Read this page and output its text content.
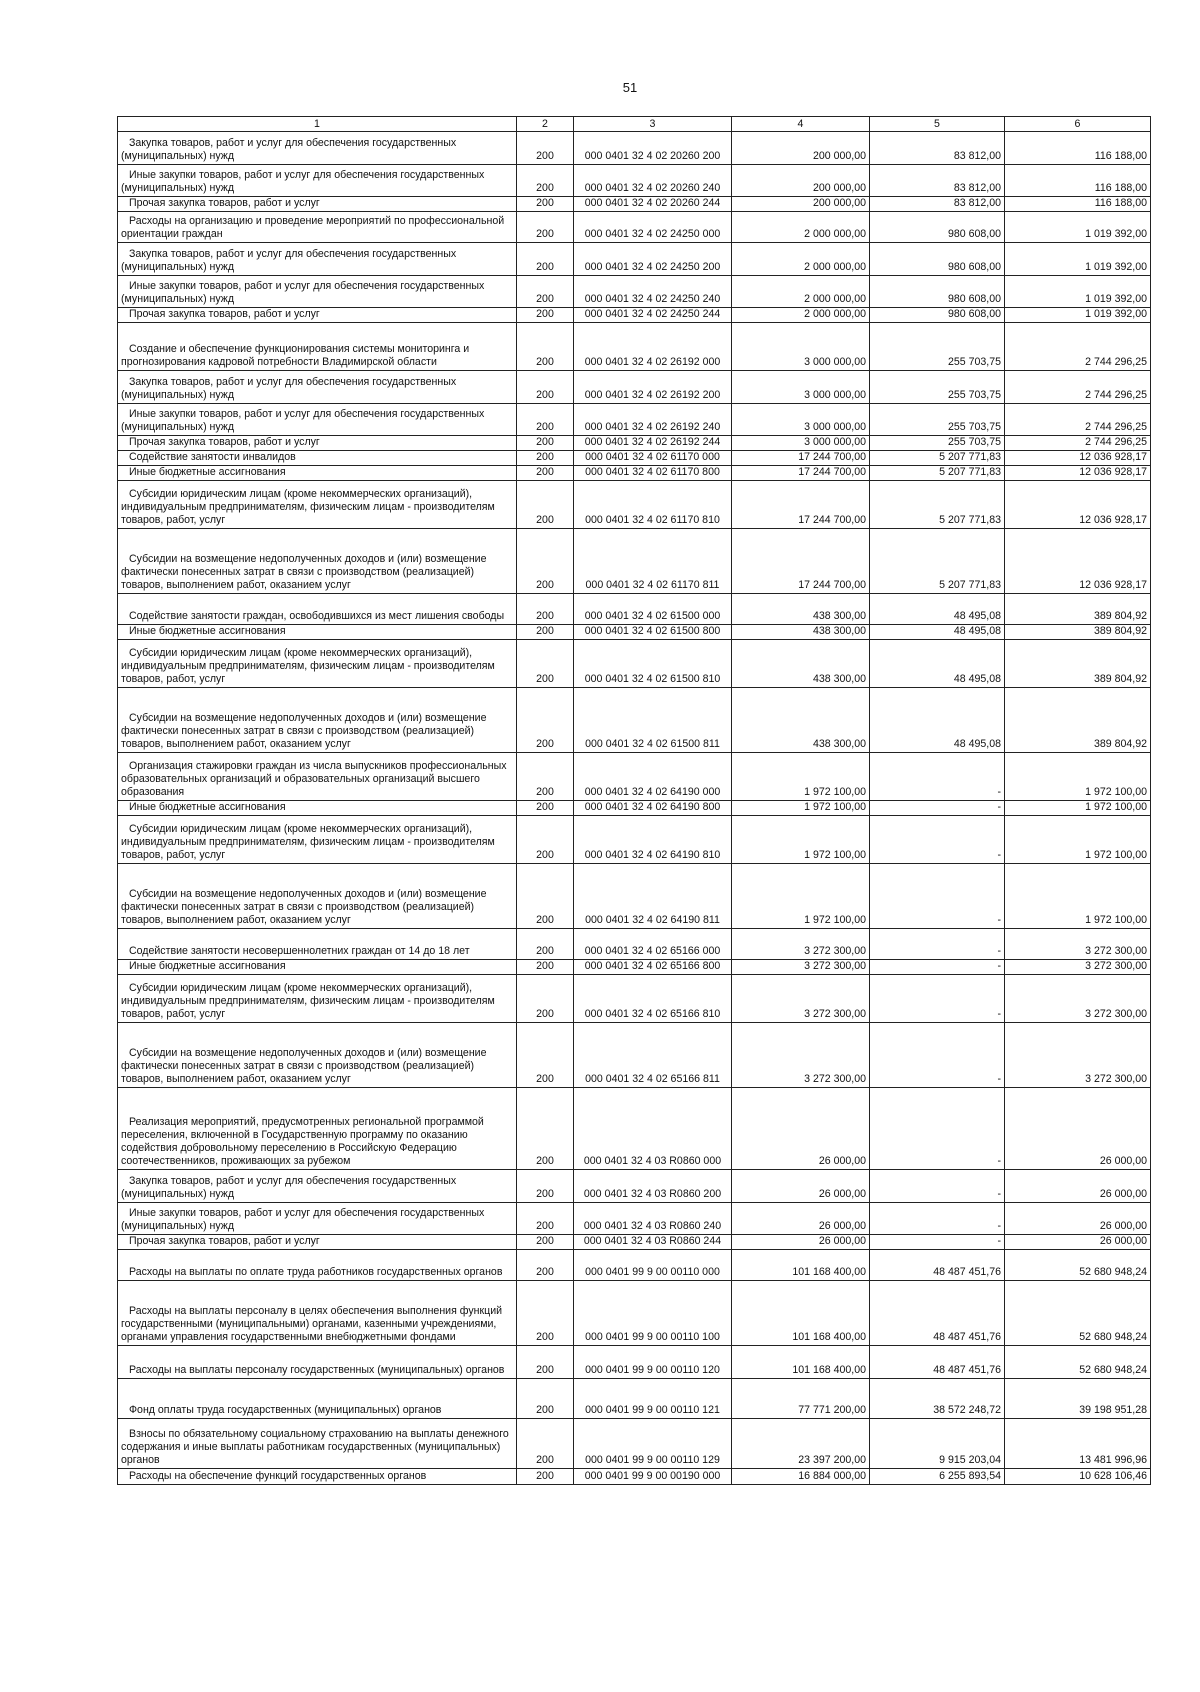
51
1	2	3	4	5	6

Закупка товаров, работ и услуг для обеспечения государственных (муниципальных) нужд	200	000 0401 32 4 02 20260 200	200 000,00	83 812,00	116 188,00

Иные закупки товаров, работ и услуг для обеспечения государственных (муниципальных) нужд	200	000 0401 32 4 02 20260 240	200 000,00	83 812,00	116 188,00

Прочая закупка товаров, работ и услуг	200	000 0401 32 4 02 20260 244	200 000,00	83 812,00	116 188,00

Расходы на организацию и проведение мероприятий по профессиональной ориентации граждан	200	000 0401 32 4 02 24250 000	2 000 000,00	980 608,00	1 019 392,00

Закупка товаров, работ и услуг для обеспечения государственных (муниципальных) нужд	200	000 0401 32 4 02 24250 200	2 000 000,00	980 608,00	1 019 392,00

Иные закупки товаров, работ и услуг для обеспечения государственных (муниципальных) нужд	200	000 0401 32 4 02 24250 240	2 000 000,00	980 608,00	1 019 392,00

Прочая закупка товаров, работ и услуг	200	000 0401 32 4 02 24250 244	2 000 000,00	980 608,00	1 019 392,00

Создание и обеспечение функционирования системы мониторинга и прогнозирования кадровой потребности Владимирской области	200	000 0401 32 4 02 26192 000	3 000 000,00	255 703,75	2 744 296,25

Закупка товаров, работ и услуг для обеспечения государственных (муниципальных) нужд	200	000 0401 32 4 02 26192 200	3 000 000,00	255 703,75	2 744 296,25

Иные закупки товаров, работ и услуг для обеспечения государственных (муниципальных) нужд	200	000 0401 32 4 02 26192 240	3 000 000,00	255 703,75	2 744 296,25

Прочая закупка товаров, работ и услуг	200	000 0401 32 4 02 26192 244	3 000 000,00	255 703,75	2 744 296,25

Содействие занятости инвалидов	200	000 0401 32 4 02 61170 000	17 244 700,00	5 207 771,83	12 036 928,17

Иные бюджетные ассигнования	200	000 0401 32 4 02 61170 800	17 244 700,00	5 207 771,83	12 036 928,17

Субсидии юридическим лицам (кроме некоммерческих организаций), индивидуальным предпринимателям, физическим лицам - производителям товаров, работ, услуг	200	000 0401 32 4 02 61170 810	17 244 700,00	5 207 771,83	12 036 928,17

Субсидии на возмещение недополученных доходов и (или) возмещение фактически понесенных затрат в связи с производством (реализацией) товаров, выполнением работ, оказанием услуг	200	000 0401 32 4 02 61170 811	17 244 700,00	5 207 771,83	12 036 928,17

Содействие занятости граждан, освободившихся из мест лишения свободы	200	000 0401 32 4 02 61500 000	438 300,00	48 495,08	389 804,92

Иные бюджетные ассигнования	200	000 0401 32 4 02 61500 800	438 300,00	48 495,08	389 804,92

Субсидии юридическим лицам (кроме некоммерческих организаций), индивидуальным предпринимателям, физическим лицам - производителям товаров, работ, услуг	200	000 0401 32 4 02 61500 810	438 300,00	48 495,08	389 804,92

Субсидии на возмещение недополученных доходов и (или) возмещение фактически понесенных затрат в связи с производством (реализацией) товаров, выполнением работ, оказанием услуг	200	000 0401 32 4 02 61500 811	438 300,00	48 495,08	389 804,92

Организация стажировки граждан из числа выпускников профессиональных образовательных организаций и образовательных организаций высшего образования	200	000 0401 32 4 02 64190 000	1 972 100,00	-	1 972 100,00

Иные бюджетные ассигнования	200	000 0401 32 4 02 64190 800	1 972 100,00	-	1 972 100,00

Субсидии юридическим лицам (кроме некоммерческих организаций), индивидуальным предпринимателям, физическим лицам - производителям товаров, работ, услуг	200	000 0401 32 4 02 64190 810	1 972 100,00	-	1 972 100,00

Субсидии на возмещение недополученных доходов и (или) возмещение фактически понесенных затрат в связи с производством (реализацией) товаров, выполнением работ, оказанием услуг	200	000 0401 32 4 02 64190 811	1 972 100,00	-	1 972 100,00

Содействие занятости несовершеннолетних граждан от 14 до 18 лет	200	000 0401 32 4 02 65166 000	3 272 300,00	-	3 272 300,00

Иные бюджетные ассигнования	200	000 0401 32 4 02 65166 800	3 272 300,00	-	3 272 300,00

Субсидии юридическим лицам (кроме некоммерческих организаций), индивидуальным предпринимателям, физическим лицам - производителям товаров, работ, услуг	200	000 0401 32 4 02 65166 810	3 272 300,00	-	3 272 300,00

Субсидии на возмещение недополученных доходов и (или) возмещение фактически понесенных затрат в связи с производством (реализацией) товаров, выполнением работ, оказанием услуг	200	000 0401 32 4 02 65166 811	3 272 300,00	-	3 272 300,00

Реализация мероприятий, предусмотренных региональной программой переселения, включенной в Государственную программу по оказанию содействия добровольному переселению в Российскую Федерацию соотечественников, проживающих за рубежом	200	000 0401 32 4 03 R0860 000	26 000,00	-	26 000,00

Закупка товаров, работ и услуг для обеспечения государственных (муниципальных) нужд	200	000 0401 32 4 03 R0860 200	26 000,00	-	26 000,00

Иные закупки товаров, работ и услуг для обеспечения государственных (муниципальных) нужд	200	000 0401 32 4 03 R0860 240	26 000,00	-	26 000,00

Прочая закупка товаров, работ и услуг	200	000 0401 32 4 03 R0860 244	26 000,00	-	26 000,00

Расходы на выплаты по оплате труда работников государственных органов	200	000 0401 99 9 00 00110 000	101 168 400,00	48 487 451,76	52 680 948,24

Расходы на выплаты персоналу в целях обеспечения выполнения функций государственными (муниципальными) органами, казенными учреждениями, органами управления государственными внебюджетными фондами	200	000 0401 99 9 00 00110 100	101 168 400,00	48 487 451,76	52 680 948,24

Расходы на выплаты персоналу государственных (муниципальных) органов	200	000 0401 99 9 00 00110 120	101 168 400,00	48 487 451,76	52 680 948,24

Фонд оплаты труда государственных (муниципальных) органов	200	000 0401 99 9 00 00110 121	77 771 200,00	38 572 248,72	39 198 951,28

Взносы по обязательному социальному страхованию на выплаты денежного содержания и иные выплаты работникам государственных (муниципальных) органов	200	000 0401 99 9 00 00110 129	23 397 200,00	9 915 203,04	13 481 996,96

Расходы на обеспечение функций государственных органов	200	000 0401 99 9 00 00190 000	16 884 000,00	6 255 893,54	10 628 106,46
